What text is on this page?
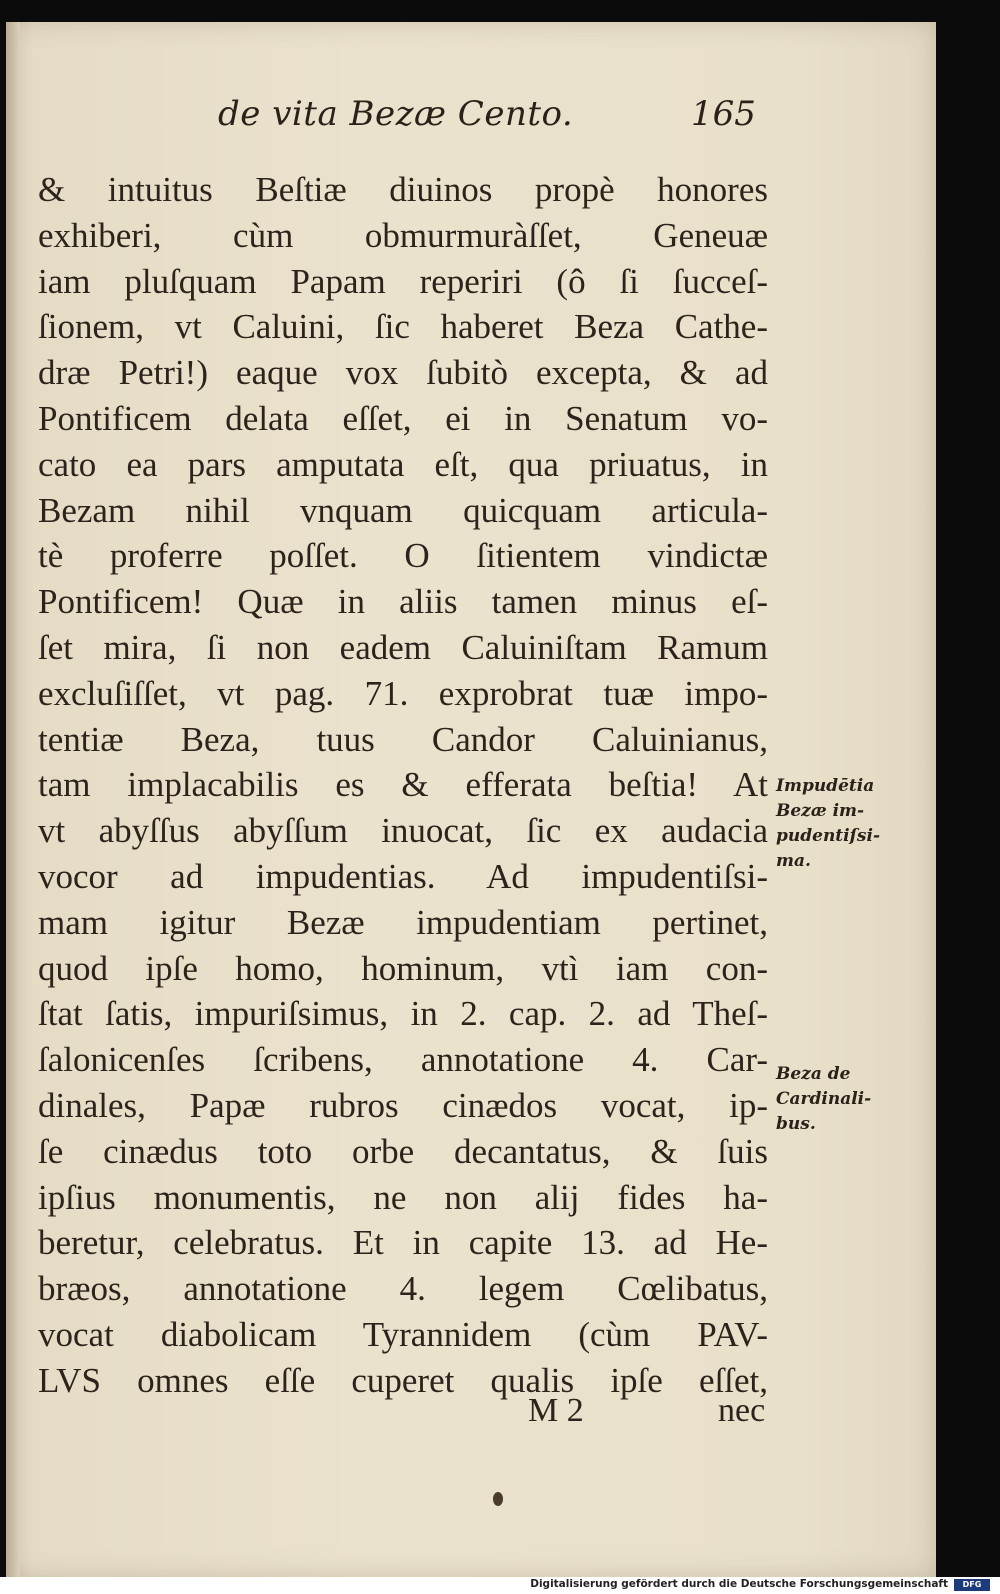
de vita Bezæ Cento.	165
& intuitus Beſtiæ diuinos propè honores
exhiberi, cùm obmurmuràſſet, Geneuæ
iam pluſquam Papam reperiri (ô ſi ſucceſ-
ſionem, vt Caluini, ſic haberet Beza Cathe-
dræ Petri!) eaque vox ſubitò excepta, & ad
Pontificem delata eſſet, ei in Senatum vo-
cato ea pars amputata eſt, qua priuatus, in
Bezam nihil vnquam quicquam articula-
tè proferre poſſet. O ſitientem vindictæ
Pontificem! Quæ in aliis tamen minus eſ-
ſet mira, ſi non eadem Caluiniſtam Ramum
excluſiſſet, vt pag. 71. exprobrat tuæ impo-
tentiæ Beza, tuus Candor Caluinianus,
tam implacabilis es & efferata beſtia! At
vt abyſſus abyſſum inuocat, ſic ex audacia
vocor ad impudentias. Ad impudentiſsi-
mam igitur Bezæ impudentiam pertinet,
quod ipſe homo, hominum, vtì iam con-
ſtat ſatis, impuriſsimus, in 2. cap. 2. ad Theſ-
ſalonicenſes ſcribens, annotatione 4. Car-
dinales, Papæ rubros cinædos vocat, ip-
ſe cinædus toto orbe decantatus, & ſuis
ipſius monumentis, ne non alij fides ha-
beretur, celebratus. Et in capite 13. ad He-
bræos, annotatione 4. legem Cœlibatus,
vocat diabolicam Tyrannidem (cùm PAV-
LVS omnes eſſe cuperet qualis ipſe eſſet,
Impudētia
Bezæ im-
pudentiſsi-
ma.
Beza de
Cardinali-
bus.
M 2	nec
Digitalisierung gefördert durch die Deutsche Forschungsgemeinschaft	DFG
